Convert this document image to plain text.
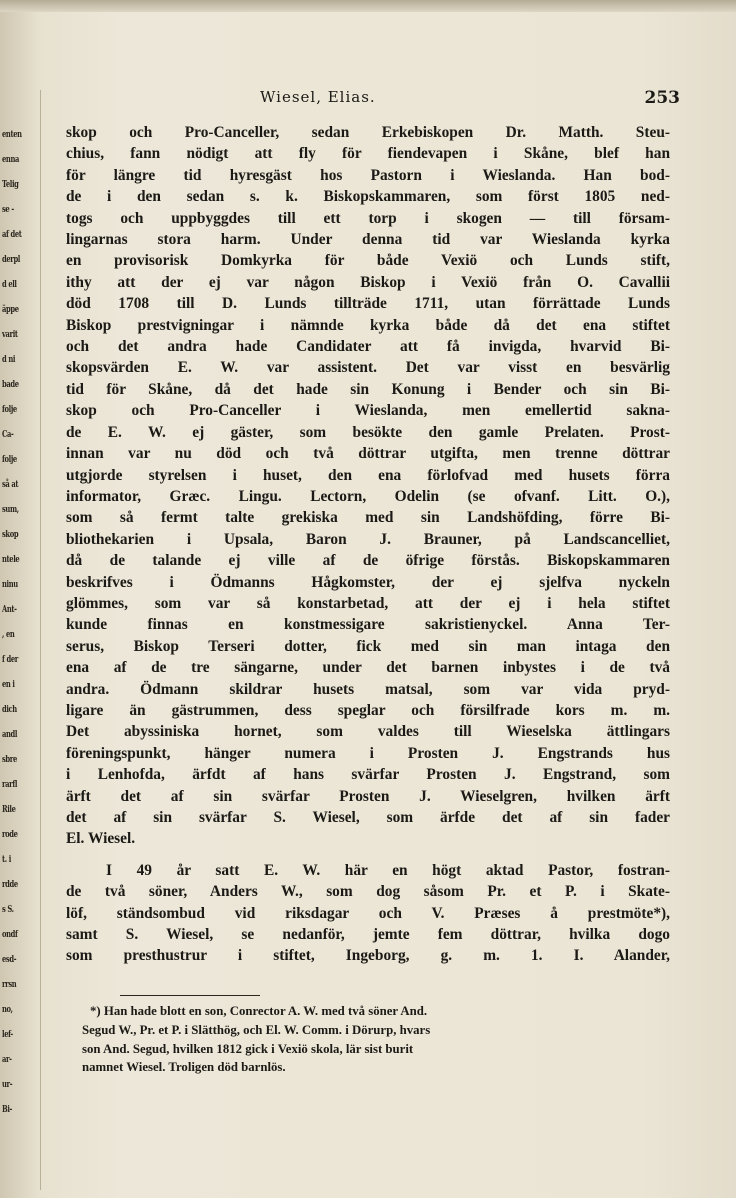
enten
enna
Telig
se -
af det
derpl
d ell
äppe
varit
d ni
bade
folje
Ca-
folje
så at
sum,
skop
ntele
ninu
Ant-
, en
f der
en i
dich
andl
sbre
rarfl
Rile
rode
t. i
rdde
s S.
ondf
esd-
rrsn
no,
lef-
ar-
ur-
Bi-
Wiesel, Elias.	253
skop och Pro-Canceller, sedan Erkebiskopen Dr. Matth. Steu-
chius, fann nödigt att fly för fiendevapen i Skåne, blef han
för längre tid hyresgäst hos Pastorn i Wieslanda. Han bod-
de i den sedan s. k. Biskopskammaren, som först 1805 ned-
togs och uppbyggdes till ett torp i skogen — till försam-
lingarnas stora harm. Under denna tid var Wieslanda kyrka
en provisorisk Domkyrka för både Vexiö och Lunds stift,
ithy att der ej var någon Biskop i Vexiö från O. Cavallii
död 1708 till D. Lunds tillträde 1711, utan förrättade Lunds
Biskop prestvigningar i nämnde kyrka både då det ena stiftet
och det andra hade Candidater att få invigda, hvarvid Bi-
skopsvärden E. W. var assistent. Det var visst en besvärlig
tid för Skåne, då det hade sin Konung i Bender och sin Bi-
skop och Pro-Canceller i Wieslanda, men emellertid sakna-
de E. W. ej gäster, som besökte den gamle Prelaten. Prost-
innan var nu död och två döttrar utgifta, men trenne döttrar
utgjorde styrelsen i huset, den ena förlofvad med husets förra
informator, Græc. Lingu. Lectorn, Odelin (se ofvanf. Litt. O.),
som så fermt talte grekiska med sin Landshöfding, förre Bi-
bliothekarien i Upsala, Baron J. Brauner, på Landscancelliet,
då de talande ej ville af de öfrige förstås. Biskopskammaren
beskrifves i Ödmanns Hågkomster, der ej sjelfva nyckeln
glömmes, som var så konstarbetad, att der ej i hela stiftet
kunde finnas en konstmessigare sakristienyckel. Anna Ter-
serus, Biskop Terseri dotter, fick med sin man intaga den
ena af de tre sängarne, under det barnen inbystes i de två
andra. Ödmann skildrar husets matsal, som var vida pryd-
ligare än gästrummen, dess speglar och försilfrade kors m. m.
Det abyssiniska hornet, som valdes till Wieselska ättlingars
föreningspunkt, hänger numera i Prosten J. Engstrands hus
i Lenhofda, ärfdt af hans svärfar Prosten J. Engstrand, som
ärft det af sin svärfar Prosten J. Wieselgren, hvilken ärft
det af sin svärfar S. Wiesel, som ärfde det af sin fader
El. Wiesel.
I 49 år satt E. W. här en högt aktad Pastor, fostran-
de två söner, Anders W., som dog såsom Pr. et P. i Skate-
löf, ständsombud vid riksdagar och V. Præses å prestmöte*),
samt S. Wiesel, se nedanför, jemte fem döttrar, hvilka dogo
som presthustrur i stiftet, Ingeborg, g. m. 1. I. Alander,
*) Han hade blott en son, Conrector A. W. med två söner And.
Segud W., Pr. et P. i Slätthög, och El. W. Comm. i Dörurp, hvars
son And. Segud, hvilken 1812 gick i Vexiö skola, lär sist burit
namnet Wiesel. Troligen död barnlös.
